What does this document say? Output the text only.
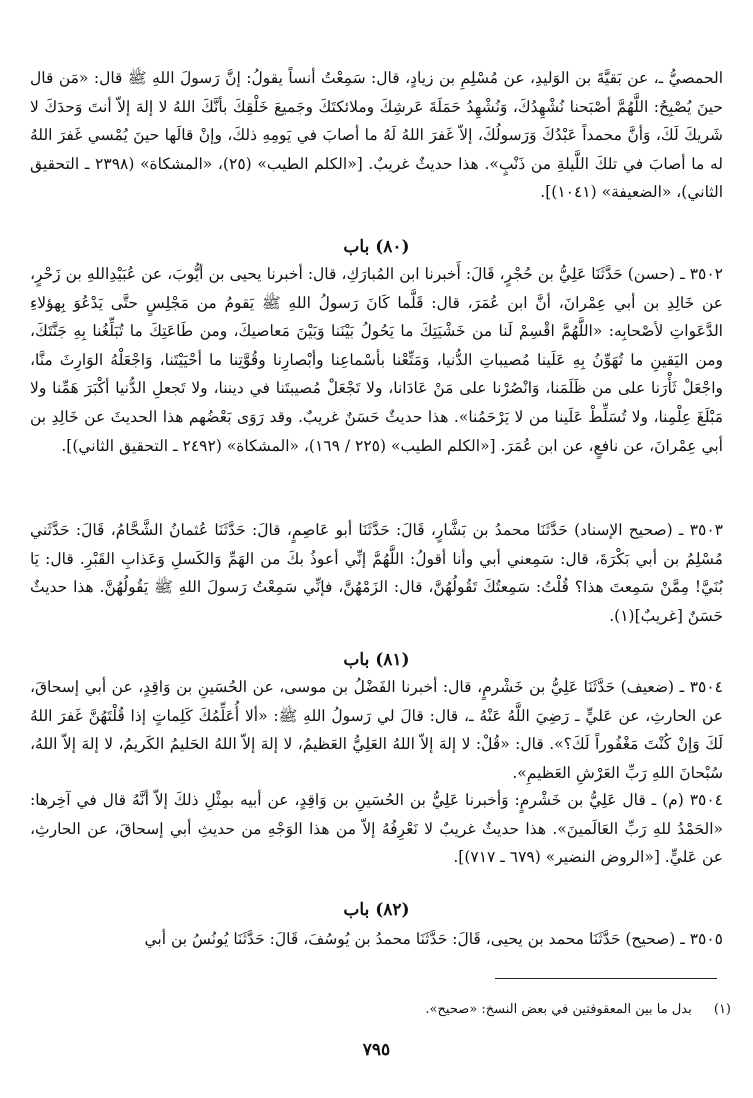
الحمصيُّ ـ، عن بَقيَّةَ بن الوَليدِ، عن مُسْلِمِ بن زيادٍ، قال: سَمِعْتُ أنساً يقولُ: إنَّ رَسولَ اللهِ ﷺ قال: «مَن قال حينَ يُصْبِحُ: اللَّهُمَّ أصْبَحنا نُشْهِدُكَ، وَنُشْهِدُ حَمَلَةَ عَرشِكَ وملائكتَكَ وجَميعَ خَلْقِكَ بأنَّكَ اللهُ لا إلهَ إلاّ أنتَ وَحدَكَ لا شَريكَ لَكَ، وَأنَّ محمداً عَبْدُكَ وَرَسولُكَ، إلاّ غَفرَ اللهُ لَهُ ما أصابَ في يَومِهِ ذلكَ، وإنْ قالَها حينَ يُمْسي غَفرَ اللهُ له ما أصابَ في تلكَ اللَّيلةِ من ذَنْبٍ». هذا حديثٌ غريبٌ. [«الكلم الطيب» (٢٥)، «المشكاة» (٢٣٩٨ ـ التحقيق الثاني)، «الضعيفة» (١٠٤١)].

(٨٠) باب

٣٥٠٢ ـ (حسن) حَدَّثَنَا عَلِيُّ بن حُجْرٍ، قَالَ: أَخبرنا ابن المُبارَكِ، قال: أخبرنا يحيى بن أيُّوبَ، عن عُبَيْدِاللهِ بن زَحْرٍ، عن خَالِدِ بن أبي عِمْرانَ، أنَّ ابن عُمَرَ، قال: قَلَّما كَانَ رَسولُ اللهِ ﷺ يَقومُ من مَجْلِسٍ حتَّى يَدْعُوَ بِهؤلاءِ الدَّعَواتِ لأصْحابِه: «اللَّهُمَّ اقْسِمْ لَنا من خَشْيَتِكَ ما يَحُولُ بَيْنَنا وَبَيْنَ مَعاصيكَ، ومن طَاعَتِكَ ما تُبَلِّغُنا بِهِ جَنَّتَكَ، ومن اليَقينِ ما تُهَوِّنُ بِهِ عَلَينا مُصيباتِ الدُّنيا، وَمَتِّعْنا بأسْماعِنا وأبْصارِنا وقُوَّتِنا ما أحْيَيْتَنا، وَاجْعَلْهُ الوَارِثَ منَّا، واجْعَلْ ثَأْرَنا على من ظَلَمَنا، وَانْصُرْنا على مَنْ عَادَانا، ولا تَجْعَلْ مُصيبتَنا في ديننا، ولا تَجعلِ الدُّنيا أكْبَرَ هَمِّنا ولا مَبْلَغَ عِلْمِنا، ولا تُسَلِّطْ عَلَينا من لا يَرْحَمُنا». هذا حديثٌ حَسَنٌ غريبٌ. وقد رَوَى بَعْضُهم هذا الحديثَ عن خَالِدِ بن أبي عِمْرانَ، عن نافعٍ، عن ابن عُمَرَ. [«الكلم الطيب» (٢٢٥ / ١٦٩)، «المشكاة» (٢٤٩٢ ـ التحقيق الثاني)].

٣٥٠٣ ـ (صحيح الإسناد) حَدَّثَنَا محمدُ بن بَشَّارٍ، قَالَ: حَدَّثَنَا أبو عَاصِمٍ، قالَ: حَدَّثَنَا عُثمانُ الشَّحَّامُ، قَالَ: حَدَّثَني مُسْلِمُ بن أبي بَكْرَةَ، قال: سَمِعني أبي وأنا أقولُ: اللَّهُمَّ إنِّي أعوذُ بكَ من الهَمِّ وَالكَسلِ وَعَذابِ القَبْرِ. قال: يَا بُنَيَّ! مِمَّنْ سَمِعتَ هذا؟ قُلْتُ: سَمِعتُكَ تَقُولُهُنَّ، قال: الزَمْهُنَّ، فإنِّي سَمِعْتُ رَسولَ اللهِ ﷺ يَقُولُهُنَّ. هذا حديثٌ حَسَنٌ [غريبٌ](١).

(٨١) باب

٣٥٠٤ ـ (ضعيف) حَدَّثَنَا عَلِيُّ بن خَشْرمٍ، قال: أخبرنا الفَضْلُ بن موسى، عن الحُسَينِ بن وَاقِدٍ، عن أبي إسحاقَ، عن الحارثِ، عن عَليٍّ ـ رَضِيَ اللَّهُ عَنْهُ ـ، قال: قالَ لي رَسولُ اللهِ ﷺ: «ألا أُعَلِّمُكَ كَلِماتٍ إذا قُلْتَهُنَّ غَفرَ اللهُ لَكَ وَإنْ كُنْتَ مَغْفُوراً لَكَ؟». قال: «قُلْ: لا إلهَ إلاّ اللهُ العَلِيُّ العَظيمُ، لا إلهَ إلاّ اللهُ الحَليمُ الكَريمُ، لا إلهَ إلاّ اللهُ، سُبْحانَ اللهِ رَبِّ العَرْشِ العَظيمِ».

٣٥٠٤ (م) ـ قال عَلِيُّ بن خَشْرمٍ: وَأخبرنا عَلِيُّ بن الحُسَينِ بن وَاقِدٍ، عن أبيه بمِثْلِ ذلكَ إلاّ أنَّهُ قال في آخِرها: «الحَمْدُ للهِ رَبِّ العَالَمينَ». هذا حديثٌ غريبٌ لا نَعْرِفُهُ إلاّ من هذا الوَجْهِ من حديثِ أبي إسحاقَ، عن الحارثِ، عن عَليٍّ. [«الروض النضير» (٦٧٩ ـ ٧١٧)].

(٨٢) باب

٣٥٠٥ ـ (صحيح) حَدَّثَنَا محمد بن يحيى، قَالَ: حَدَّثَنَا محمدُ بن يُوسُفَ، قَالَ: حَدَّثَنَا يُونُسُ بن أبي

(١) بدل ما بين المعقوفتين في بعض النسخ: «صحيح».
٧٩٥
